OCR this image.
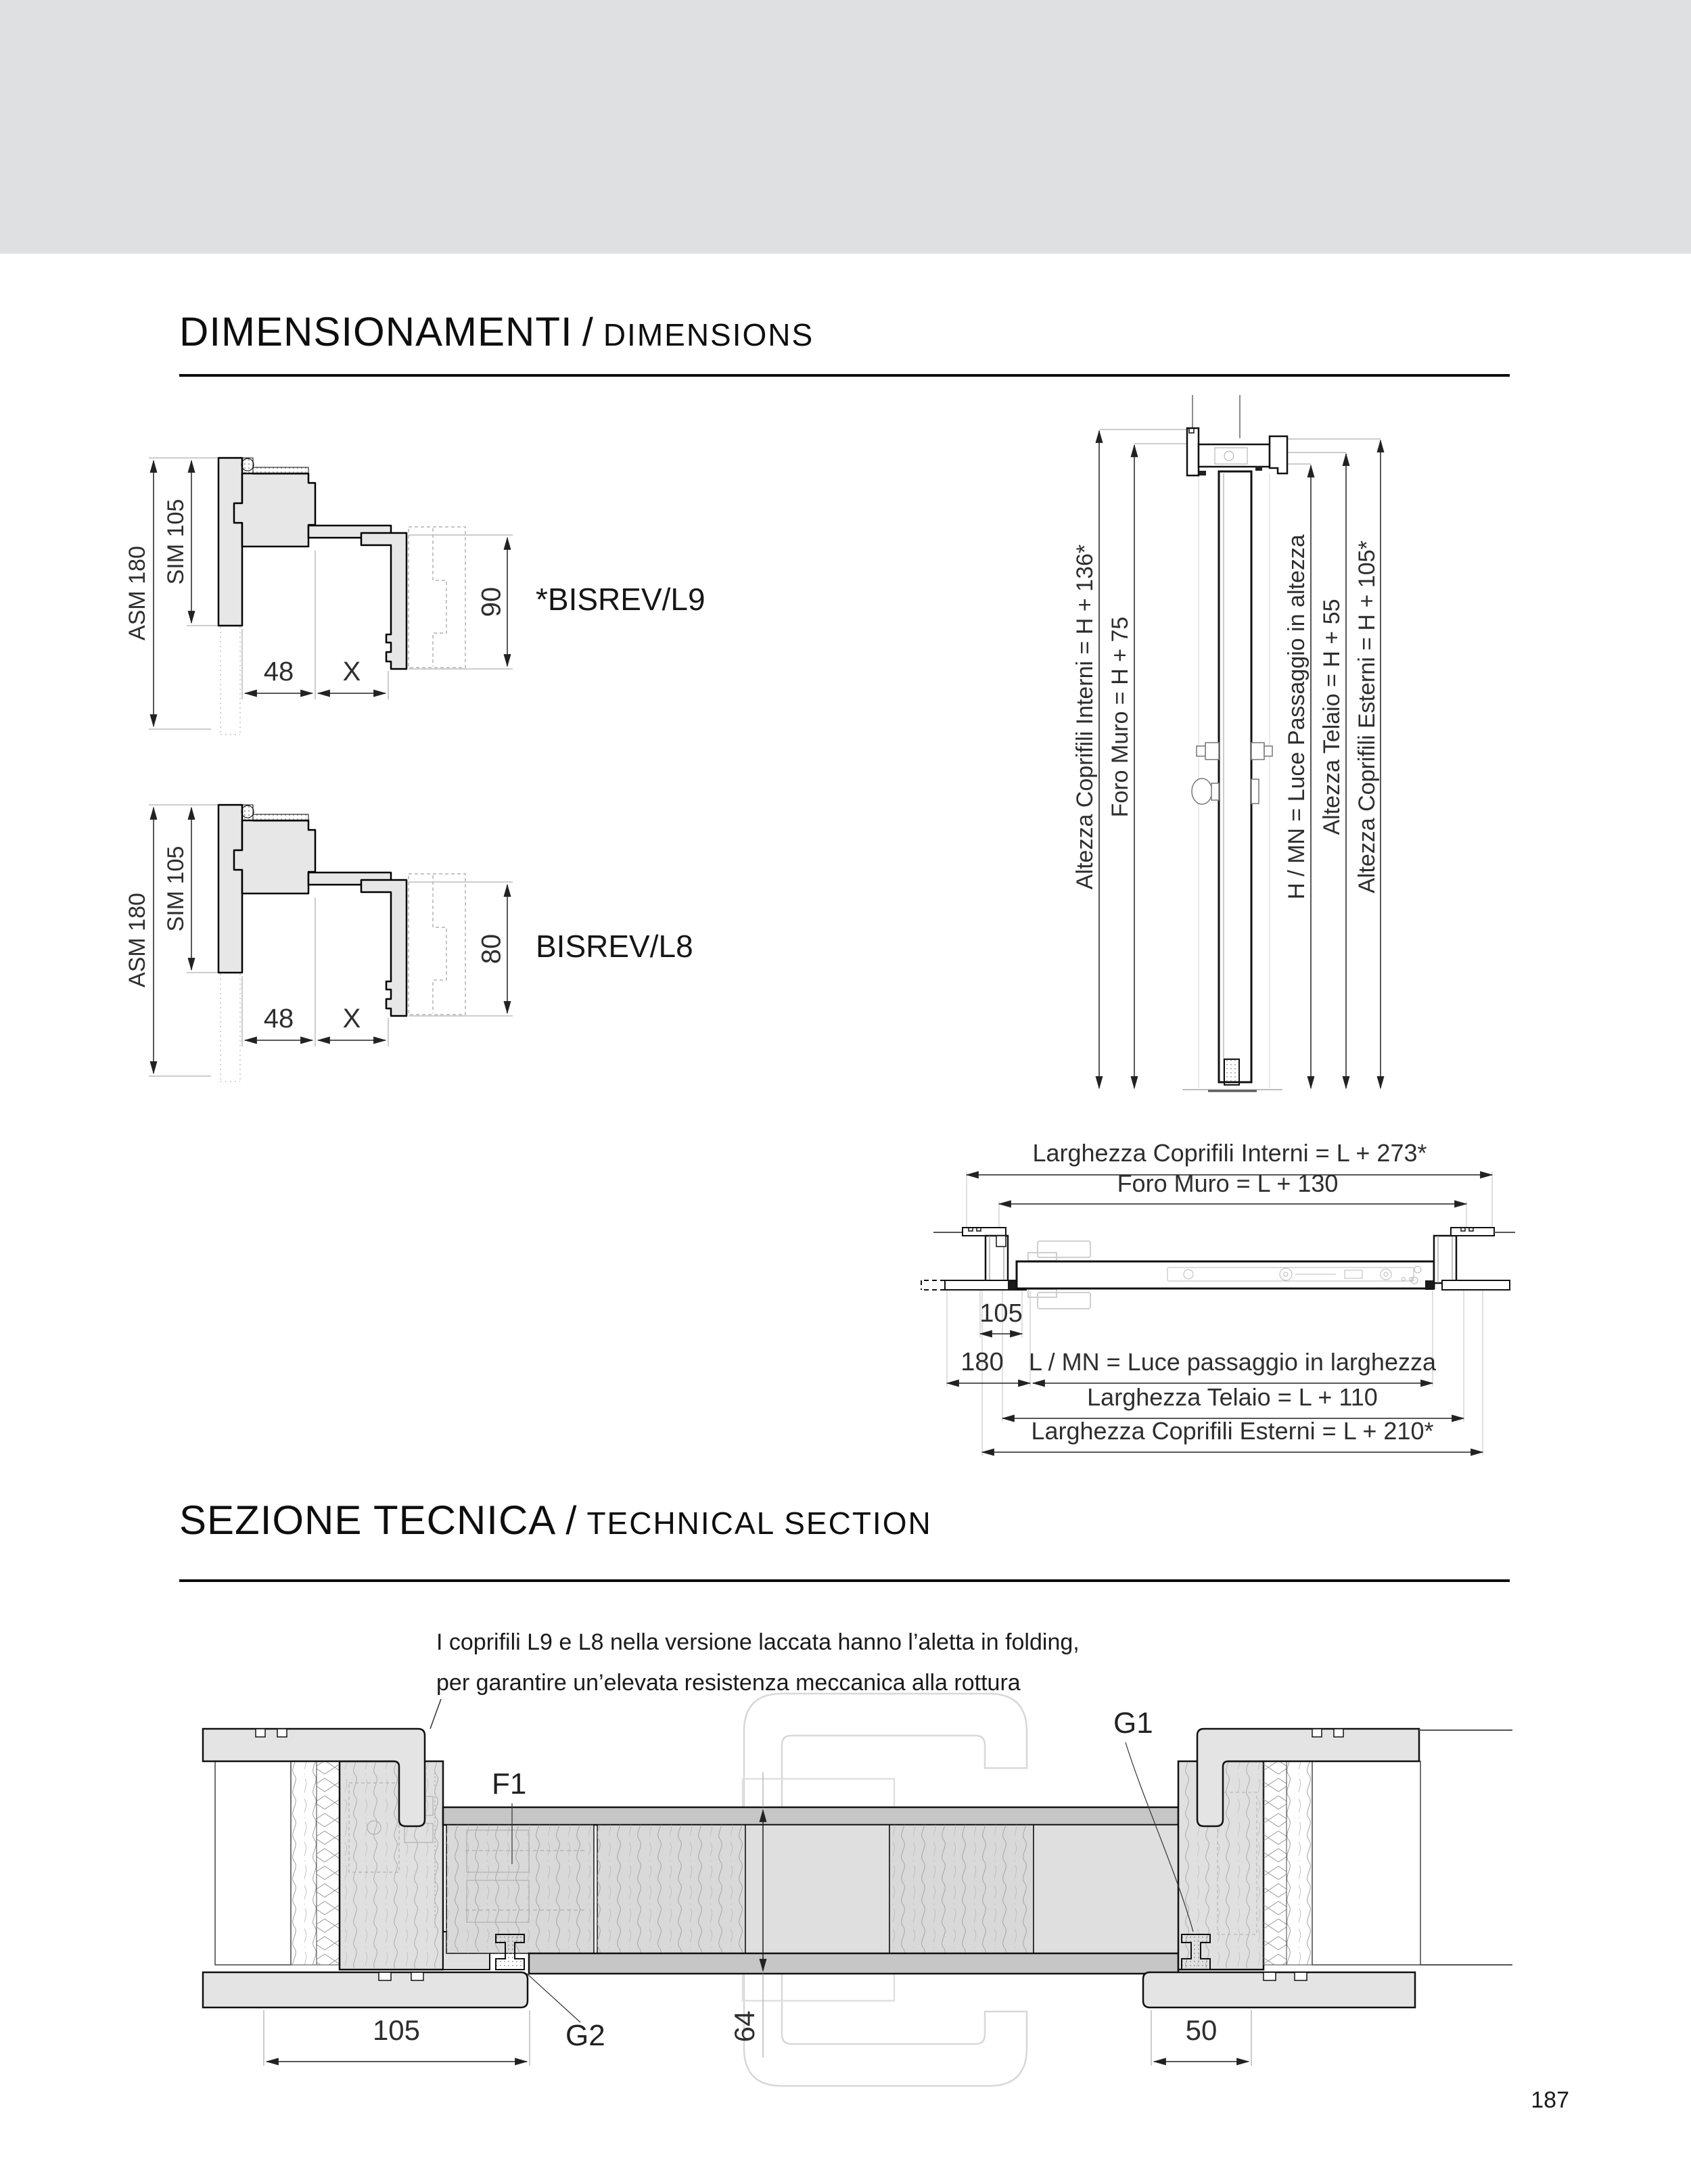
DIMENSIONAMENTI / DIMENSIONS
ASM 180
SIM 105
90
48 X
*BISREV/L9
ASM 180
SIM 105
80
48 X
BISREV/L8
Altezza Coprifili Interni = H + 136* Foro Muro = H + 75	H / MN = Luce Passaggio in altezza Altezza Telaio = H + 55 Altezza Coprifili Esterni = H + 105*
Larghezza Coprifili Interni = L + 273*
Foro Muro = L + 130
105
180 L / MN = Luce passaggio in larghezza
Larghezza Telaio = L + 110
Larghezza Coprifili Esterni = L + 210*
SEZIONE TECNICA / TECHNICAL SECTION
I coprifili L9 e L8 nella versione laccata hanno l’aletta in folding,
per garantire un’elevata resistenza meccanica alla rottura
F1
G1
G2	64
105	50
187
